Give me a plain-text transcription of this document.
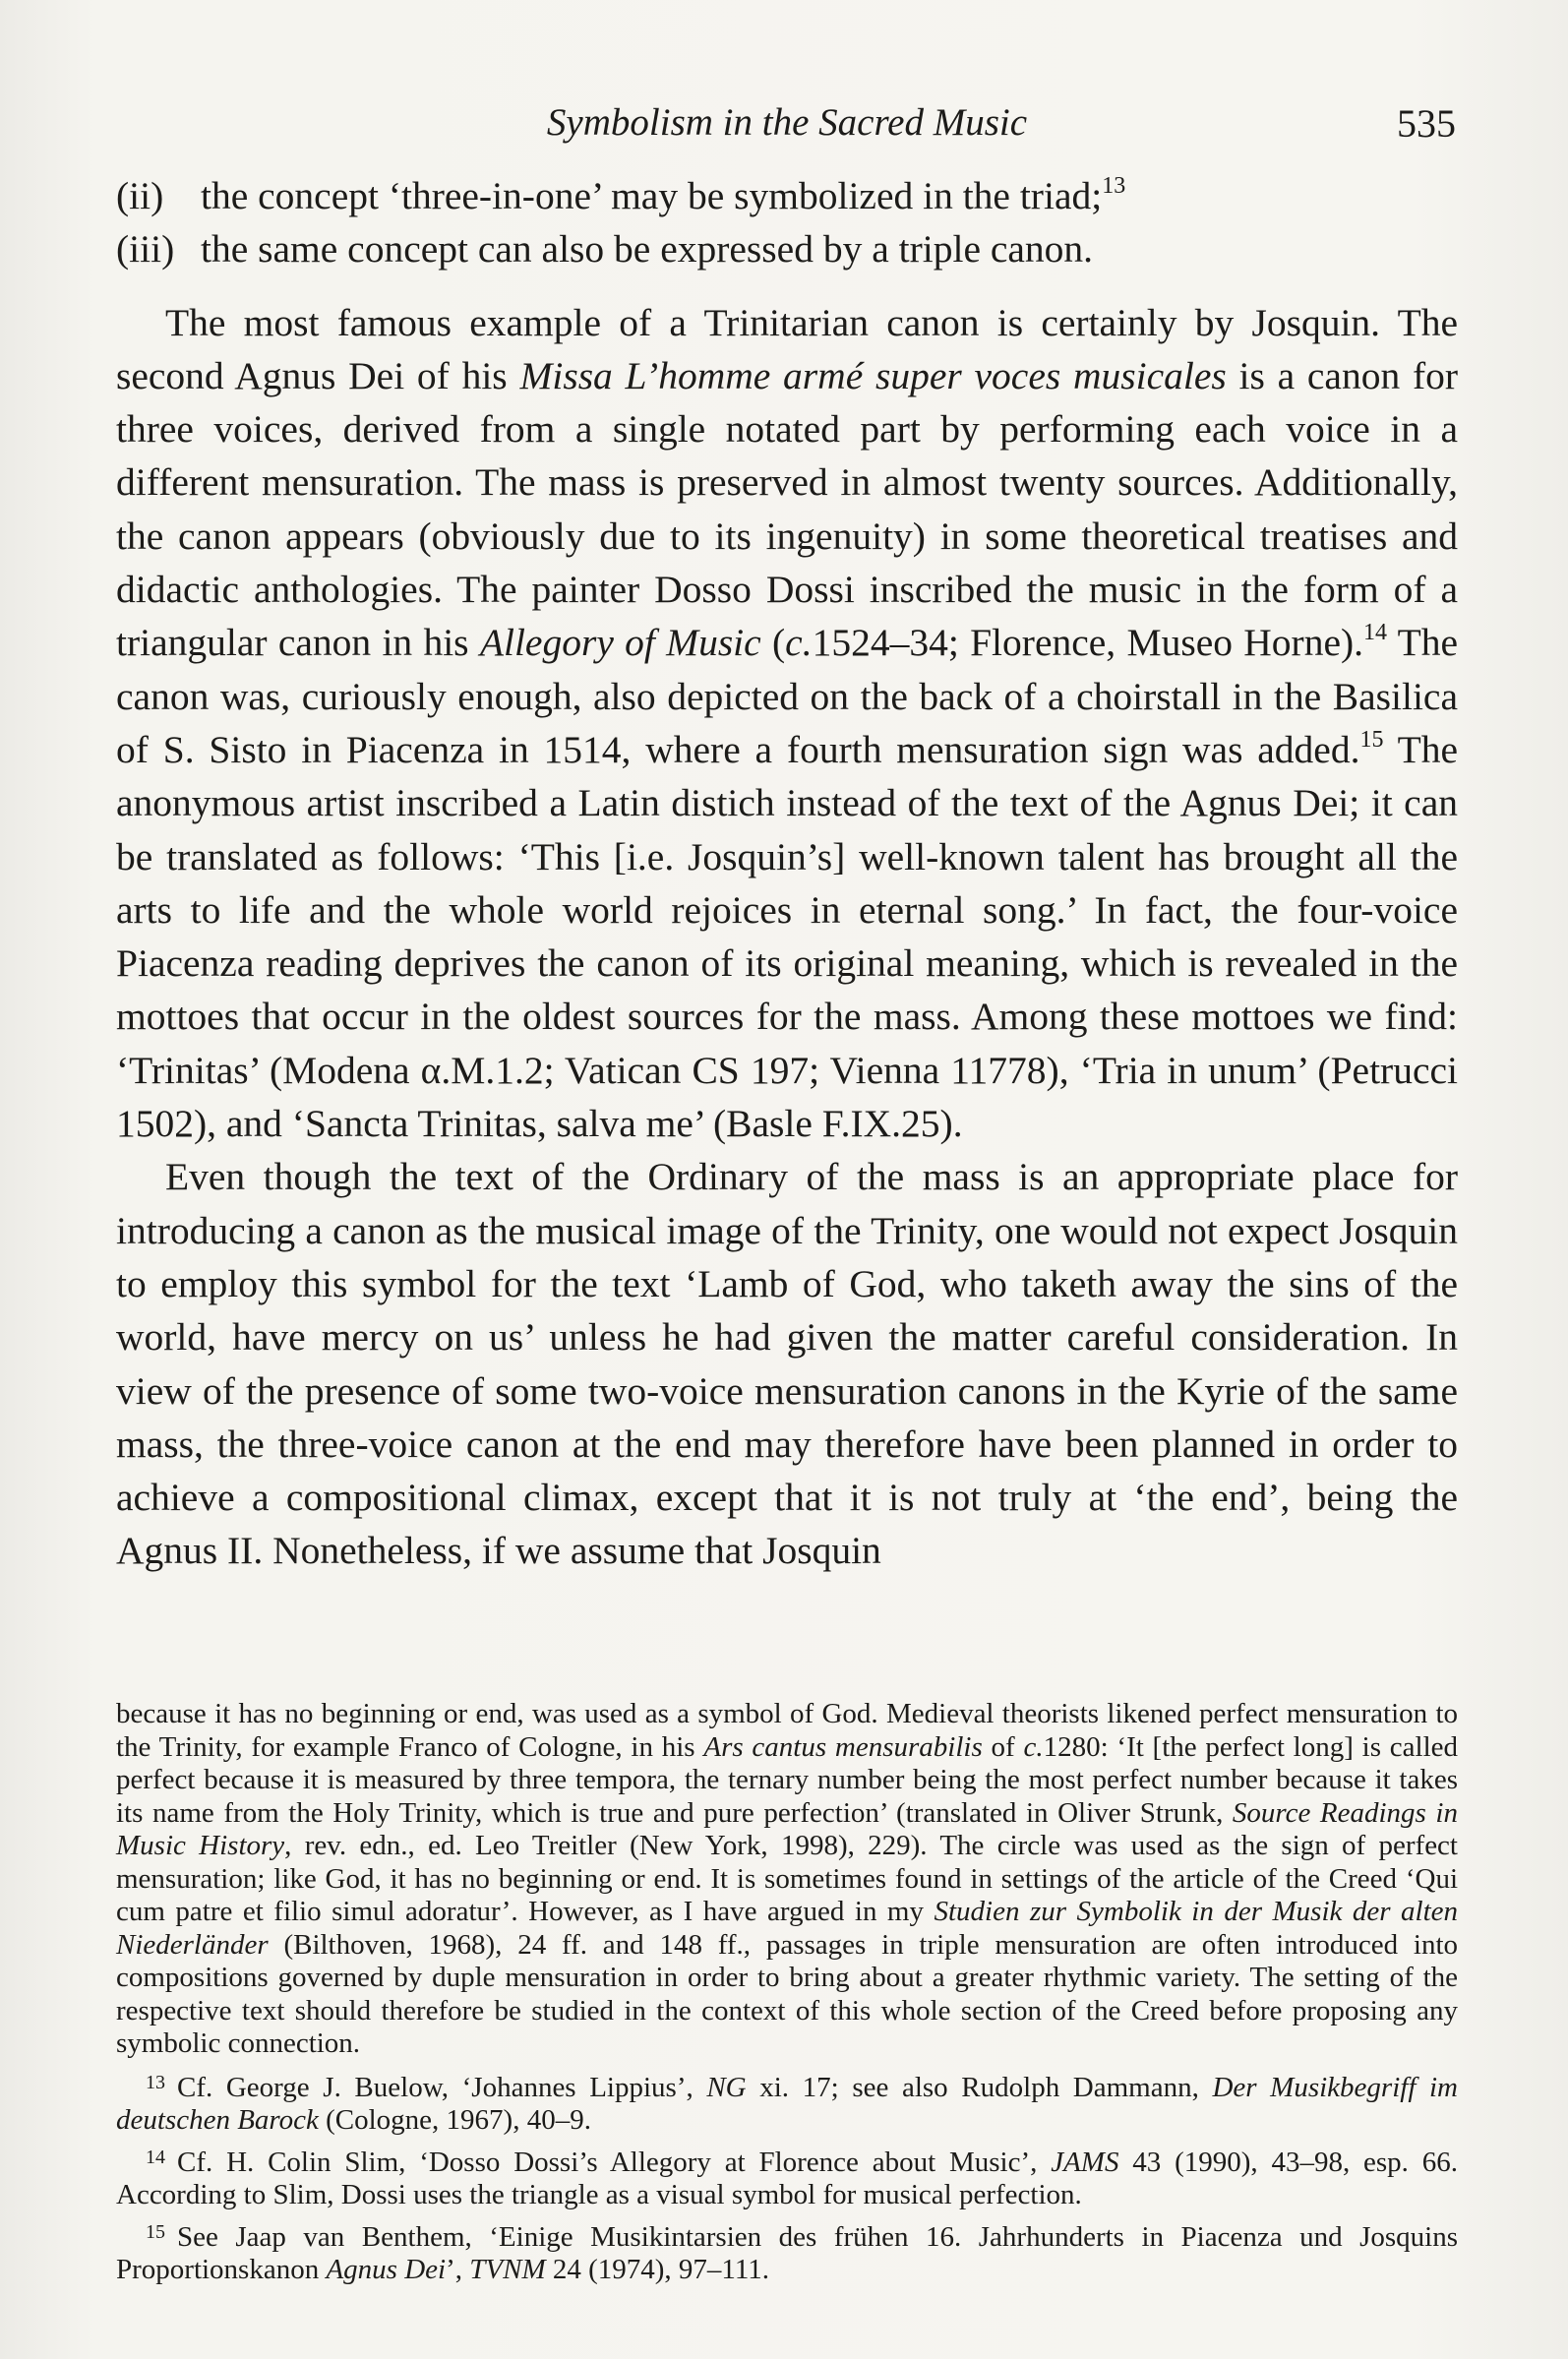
Symbolism in the Sacred Music	535
(ii) the concept ‘three-in-one’ may be symbolized in the triad;$^{13}$
(iii) the same concept can also be expressed by a triple canon.

The most famous example of a Trinitarian canon is certainly by Josquin. The second Agnus Dei of his Missa L’homme armé super voces musicales is a canon for three voices, derived from a single notated part by performing each voice in a different mensuration. The mass is preserved in almost twenty sources. Additionally, the canon appears (obviously due to its ingenuity) in some theoretical treatises and didactic anthologies. The painter Dosso Dossi inscribed the music in the form of a triangular canon in his Allegory of Music (c.1524–34; Florence, Museo Horne).$^{14}$ The canon was, curiously enough, also depicted on the back of a choirstall in the Basilica of S. Sisto in Piacenza in 1514, where a fourth mensuration sign was added.$^{15}$ The anonymous artist inscribed a Latin distich instead of the text of the Agnus Dei; it can be translated as follows: ‘This [i.e. Josquin’s] well-known talent has brought all the arts to life and the whole world rejoices in eternal song.’ In fact, the four-voice Piacenza reading deprives the canon of its original meaning, which is revealed in the mottoes that occur in the oldest sources for the mass. Among these mottoes we find: ‘Trinitas’ (Modena α.M.1.2; Vatican CS 197; Vienna 11778), ‘Tria in unum’ (Petrucci 1502), and ‘Sancta Trinitas, salva me’ (Basle F.IX.25).

Even though the text of the Ordinary of the mass is an appropriate place for introducing a canon as the musical image of the Trinity, one would not expect Josquin to employ this symbol for the text ‘Lamb of God, who taketh away the sins of the world, have mercy on us’ unless he had given the matter careful consideration. In view of the presence of some two-voice mensuration canons in the Kyrie of the same mass, the three-voice canon at the end may therefore have been planned in order to achieve a compositional climax, except that it is not truly at ‘the end’, being the Agnus II. Nonetheless, if we assume that Josquin

because it has no beginning or end, was used as a symbol of God. Medieval theorists likened perfect mensuration to the Trinity, for example Franco of Cologne, in his Ars cantus mensurabilis of c.1280: ‘It [the perfect long] is called perfect because it is measured by three tempora, the ternary number being the most perfect number because it takes its name from the Holy Trinity, which is true and pure perfection’ (translated in Oliver Strunk, Source Readings in Music History, rev. edn., ed. Leo Treitler (New York, 1998), 229). The circle was used as the sign of perfect mensuration; like God, it has no beginning or end. It is sometimes found in settings of the article of the Creed ‘Qui cum patre et filio simul adoratur’. However, as I have argued in my Studien zur Symbolik in der Musik der alten Niederländer (Bilthoven, 1968), 24 ff. and 148 ff., passages in triple mensuration are often introduced into compositions governed by duple mensuration in order to bring about a greater rhythmic variety. The setting of the respective text should therefore be studied in the context of this whole section of the Creed before proposing any symbolic connection.

$^{13}$ Cf. George J. Buelow, ‘Johannes Lippius’, NG xi. 17; see also Rudolph Dammann, Der Musikbegriff im deutschen Barock (Cologne, 1967), 40–9.

$^{14}$ Cf. H. Colin Slim, ‘Dosso Dossi’s Allegory at Florence about Music’, JAMS 43 (1990), 43–98, esp. 66. According to Slim, Dossi uses the triangle as a visual symbol for musical perfection.

$^{15}$ See Jaap van Benthem, ‘Einige Musikintarsien des frühen 16. Jahrhunderts in Piacenza und Josquins Proportionskanon Agnus Dei’, TVNM 24 (1974), 97–111.
